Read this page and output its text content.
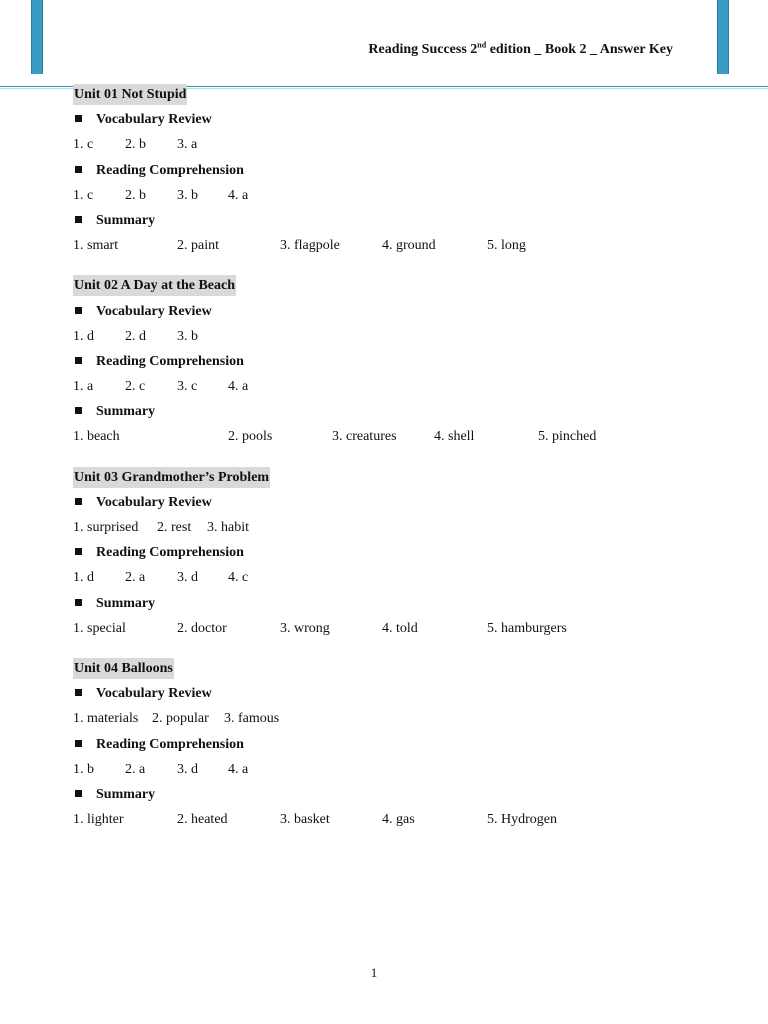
Reading Success 2nd edition _ Book 2 _ Answer Key
Unit 01 Not Stupid
Vocabulary Review
1. c 2. b 3. a
Reading Comprehension
1. c 2. b 3. b 4. a
Summary
1. smart	2. paint	3. flagpole	4. ground	5. long
Unit 02 A Day at the Beach
Vocabulary Review
1. d 2. d 3. b
Reading Comprehension
1. a 2. c 3. c 4. a
Summary
1. beach	2. pools	3. creatures	4. shell	5. pinched
Unit 03 Grandmother’s Problem
Vocabulary Review
1. surprised 2. rest 3. habit
Reading Comprehension
1. d 2. a 3. d 4. c
Summary
1. special	2. doctor	3. wrong	4. told	5. hamburgers
Unit 04 Balloons
Vocabulary Review
1. materials 2. popular 3. famous
Reading Comprehension
1. b 2. a 3. d 4. a
Summary
1. lighter	2. heated	3. basket	4. gas	5. Hydrogen
1
